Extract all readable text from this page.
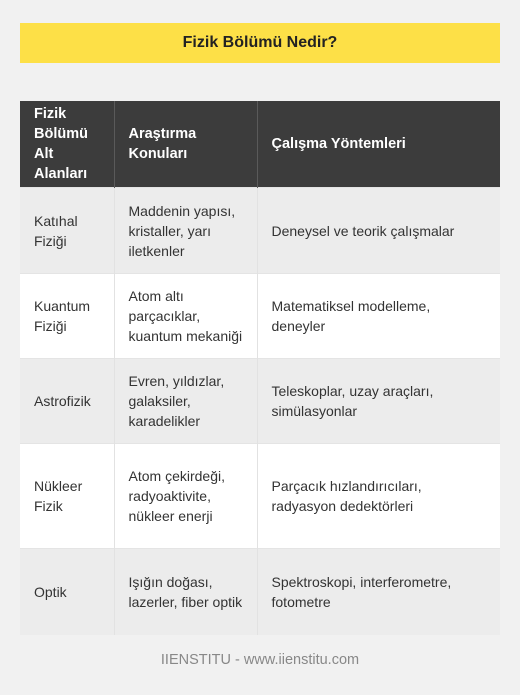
Fizik Bölümü Nedir?
Fizik Bölümü Alt Alanları	Araştırma Konuları	Çalışma Yöntemleri
Katıhal Fiziği	Maddenin yapısı, kristaller, yarı iletkenler	Deneysel ve teorik çalışmalar
Kuantum Fiziği	Atom altı parçacıklar, kuantum mekaniği	Matematiksel modelleme, deneyler
Astrofizik	Evren, yıldızlar, galaksiler, karadelikler	Teleskoplar, uzay araçları, simülasyonlar
Nükleer Fizik	Atom çekirdeği, radyoaktivite, nükleer enerji	Parçacık hızlandırıcıları, radyasyon dedektörleri
Optik	Işığın doğası, lazerler, fiber optik	Spektroskopi, interferometre, fotometre
IIENSTITU - www.iienstitu.com
